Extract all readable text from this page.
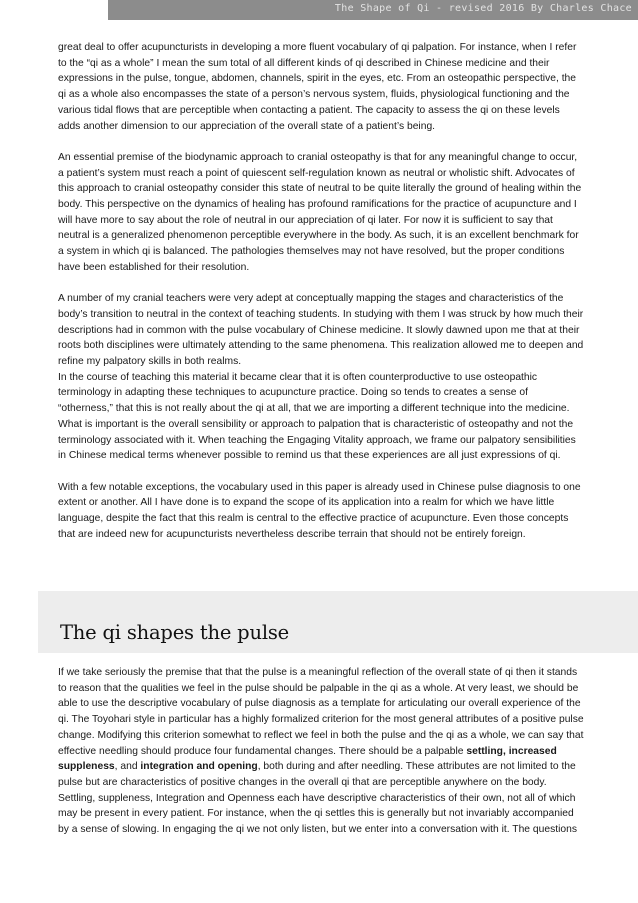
The Shape of Qi - revised 2016 By Charles Chace

great deal to offer acupuncturists in developing a more fluent vocabulary of qi palpation. For instance, when I refer to the “qi as a whole” I mean the sum total of all different kinds of qi described in Chinese medicine and their expressions in the pulse, tongue, abdomen, channels, spirit in the eyes, etc. From an osteopathic perspective, the qi as a whole also encompasses the state of a person’s nervous system, fluids, physiological functioning and the various tidal flows that are perceptible when contacting a patient. The capacity to assess the qi on these levels adds another dimension to our appreciation of the overall state of a patient’s being.

An essential premise of the biodynamic approach to cranial osteopathy is that for any meaningful change to occur, a patient’s system must reach a point of quiescent self-regulation known as neutral or wholistic shift. Advocates of this approach to cranial osteopathy consider this state of neutral to be quite literally the ground of healing within the body. This perspective on the dynamics of healing has profound ramifications for the practice of acupuncture and I will have more to say about the role of neutral in our appreciation of qi later. For now it is sufficient to say that neutral is a generalized phenomenon perceptible everywhere in the body. As such, it is an excellent benchmark for a system in which qi is balanced. The pathologies themselves may not have resolved, but the proper conditions have been established for their resolution.

A number of my cranial teachers were very adept at conceptually mapping the stages and characteristics of the body’s transition to neutral in the context of teaching students. In studying with them I was struck by how much their descriptions had in common with the pulse vocabulary of Chinese medicine. It slowly dawned upon me that at their roots both disciplines were ultimately attending to the same phenomena. This realization allowed me to deepen and refine my palpatory skills in both realms.

In the course of teaching this material it became clear that it is often counterproductive to use osteopathic terminology in adapting these techniques to acupuncture practice. Doing so tends to creates a sense of “otherness,” that this is not really about the qi at all, that we are importing a different technique into the medicine. What is important is the overall sensibility or approach to palpation that is characteristic of osteopathy and not the terminology associated with it. When teaching the Engaging Vitality approach, we frame our palpatory sensibilities in Chinese medical terms whenever possible to remind us that these experiences are all just expressions of qi.

With a few notable exceptions, the vocabulary used in this paper is already used in Chinese pulse diagnosis to one extent or another. All I have done is to expand the scope of its application into a realm for which we have little language, despite the fact that this realm is central to the effective practice of acupuncture. Even those concepts that are indeed new for acupuncturists nevertheless describe terrain that should not be entirely foreign.

The qi shapes the pulse

If we take seriously the premise that that the pulse is a meaningful reflection of the overall state of qi then it stands to reason that the qualities we feel in the pulse should be palpable in the qi as a whole. At very least, we should be able to use the descriptive vocabulary of pulse diagnosis as a template for articulating our overall experience of the qi. The Toyohari style in particular has a highly formalized criterion for the most general attributes of a positive pulse change. Modifying this criterion somewhat to reflect we feel in both the pulse and the qi as a whole, we can say that effective needling should produce four fundamental changes. There should be a palpable settling, increased suppleness, and integration and opening, both during and after needling. These attributes are not limited to the pulse but are characteristics of positive changes in the overall qi that are perceptible anywhere on the body. Settling, suppleness, Integration and Openness each have descriptive characteristics of their own, not all of which may be present in every patient. For instance, when the qi settles this is generally but not invariably accompanied by a sense of slowing. In engaging the qi we not only listen, but we enter into a conversation with it. The questions
